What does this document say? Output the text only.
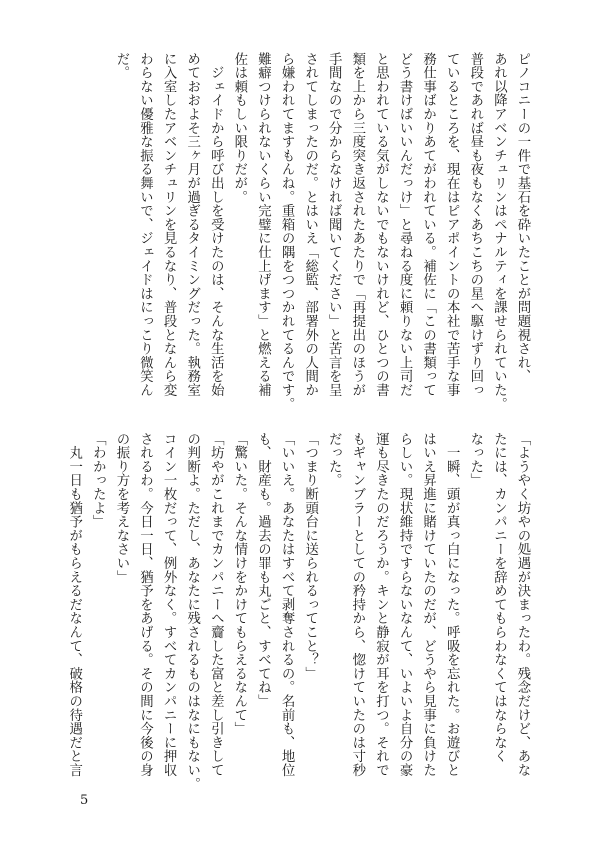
ピノコニーの一件で基石を砕いたことが問題視され、
あれ以降アベンチュリンはペナルティを課せられていた。
普段であれば昼も夜もなくあちこちの星へ駆けずり回っ
ているところを、現在はピアポイントの本社で苦手な事
務仕事ばかりあてがわれている。補佐に「この書類って
どう書けばいいんだっけ」と尋ねる度に頼りない上司だ
と思われている気がしないでもないけれど、ひとつの書
類を上から三度突き返されたあたりで「再提出のほうが
手間なので分からなければ聞いてください」と苦言を呈
されてしまったのだ。とはいえ「総監、部署外の人間か
ら嫌われてますもんね。重箱の隅をつつかれてるんです。
難癖つけられないくらい完璧に仕上げます」と燃える補
佐は頼もしい限りだが。
　ジェイドから呼び出しを受けたのは、そんな生活を始
めておおよそ三ヶ月が過ぎるタイミングだった。執務室
に入室したアベンチュリンを見るなり、普段となんら変
わらない優雅な振る舞いで、ジェイドはにっこり微笑ん
だ。
「ようやく坊やの処遇が決まったわ。残念だけど、あな
たには、カンパニーを辞めてもらわなくてはならなく
なった」
　一瞬、頭が真っ白になった。呼吸を忘れた。お遊びと
はいえ昇進に賭けていたのだが、どうやら見事に負けた
らしい。現状維持ですらないなんて、いよいよ自分の豪
運も尽きたのだろうか。キンと静寂が耳を打つ。それで
もギャンブラーとしての矜持から、惚けていたのは寸秒
だった。
「つまり断頭台に送られるってこと？」
「いいえ。あなたはすべて剥奪されるの。名前も、地位
も、財産も。過去の罪も丸ごと、すべてね」
「驚いた。そんな情けをかけてもらえるなんて」
「坊やがこれまでカンパニーへ齎した富と差し引きして
の判断よ。ただし、あなたに残されるものはなにもない。
コイン一枚だって、例外なく。すべてカンパニーに押収
されるわ。今日一日、猶予をあげる。その間に今後の身
の振り方を考えなさい」
「わかったよ」
　丸一日も猶予がもらえるだなんて、破格の待遇だと言
5
